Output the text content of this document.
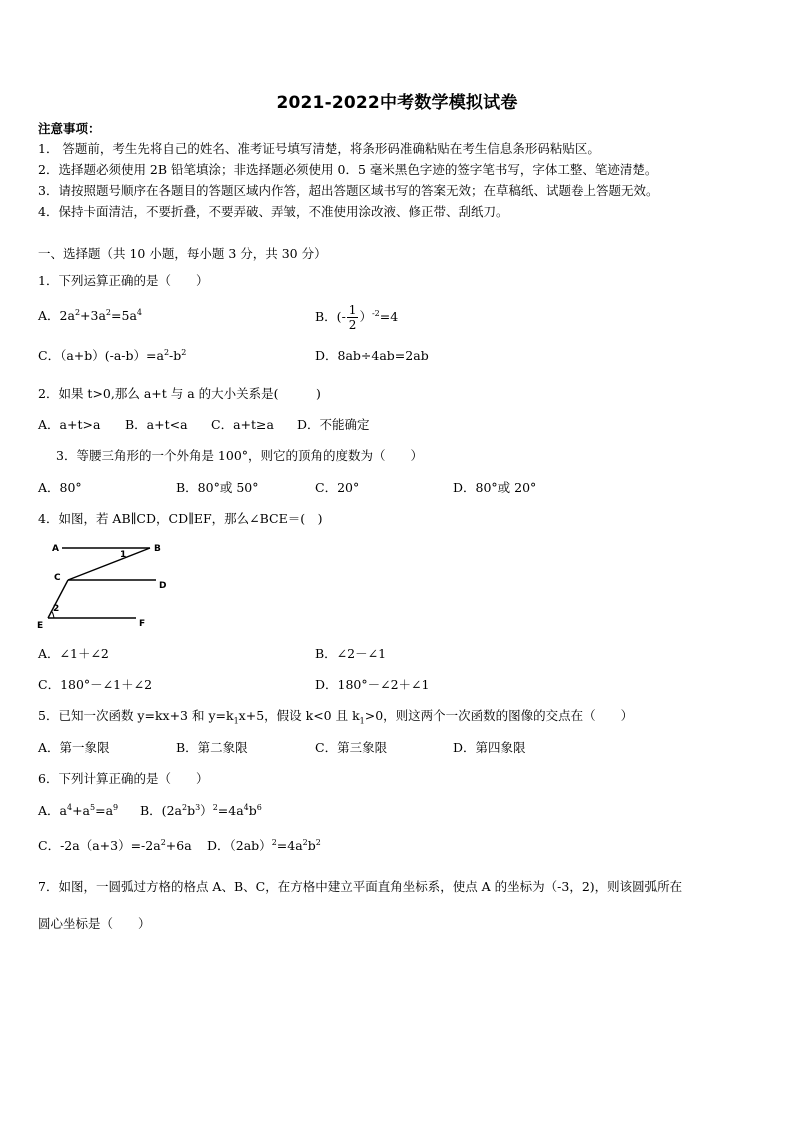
2021-2022中考数学模拟试卷
注意事项：
1． 答题前，考生先将自己的姓名、准考证号填写清楚，将条形码准确粘贴在考生信息条形码粘贴区。
2．选择题必须使用 2B 铅笔填涂；非选择题必须使用 0．5 毫米黑色字迹的签字笔书写，字体工整、笔迹清楚。
3．请按照题号顺序在各题目的答题区域内作答，超出答题区域书写的答案无效；在草稿纸、试题卷上答题无效。
4．保持卡面清洁，不要折叠，不要弄破、弄皱，不准使用涂改液、修正带、刮纸刀。
一、选择题（共 10 小题，每小题 3 分，共 30 分）
1．下列运算正确的是（　　）
A．$2a^2+3a^2=5a^4$	B．(- $\frac{1}{2} )^{-2}=4$
C．$(a+b)(-a-b)=a^2-b^2$	D．8ab÷4ab=2ab
2．如果 t>0,那么 a+t 与 a 的大小关系是(　　　)
A．a+t>a B．a+t<a C．a+t≥a D．不能确定
3．等腰三角形的一个外角是 100°，则它的顶角的度数为（　　）
A．80°	B．80°或 50°	C．20°	D．80°或 20°
4．如图，若 AB∥CD，CD∥EF，那么∠BCE＝(　)
A	B
C
D
E	F
1
2
A．∠1＋∠2	B．∠2－∠1
C．180°－∠1＋∠2	D．180°－∠2＋∠1
5．已知一次函数 y=kx+3 和 $y=k_1x+5$，假设 k<0 且 $k_1>0$，则这两个一次函数的图像的交点在（　　）
A．第一象限	B．第二象限	C．第三象限	D．第四象限
6．下列计算正确的是（　　）
A．$a^4+a^5=a^9$ B．$(2a^2b^3)^2=4a^4b^6$
C．$-2a(a+3)=-2a^2+6a$ D．$(2ab)^2=4a^2b^2$
7．如图，一圆弧过方格的格点 A、B、C，在方格中建立平面直角坐标系，使点 A 的坐标为（-3，2)，则该圆弧所在
圆心坐标是（　　）
